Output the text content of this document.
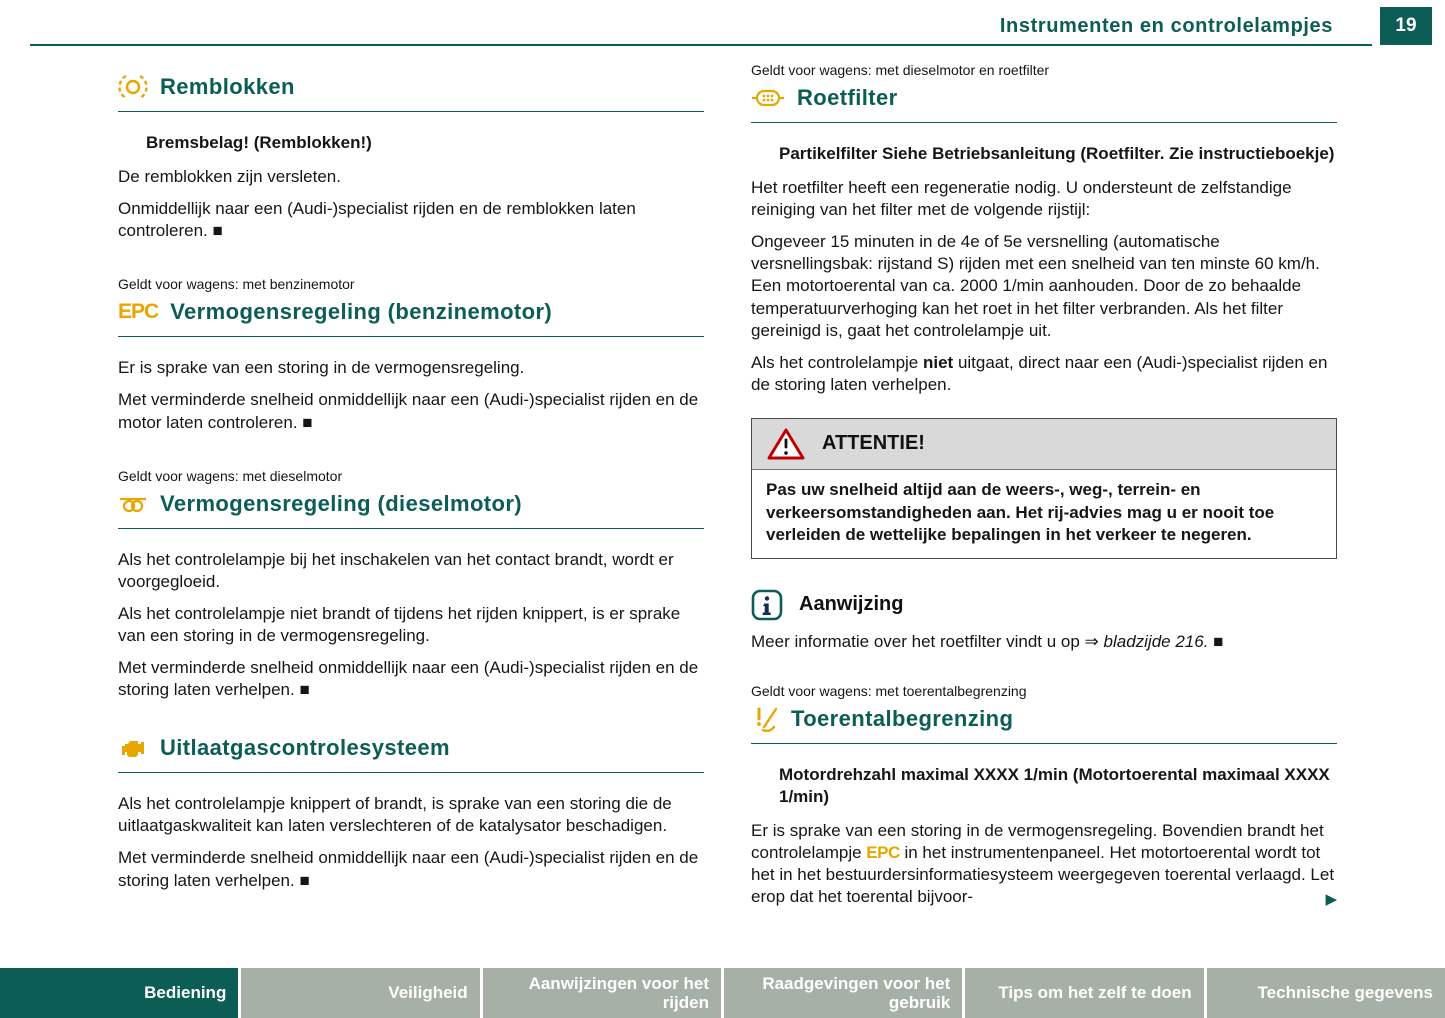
Instrumenten en controlelampjes	19
Remblokken

Bremsbelag! (Remblokken!)

De remblokken zijn versleten.

Onmiddellijk naar een (Audi-)specialist rijden en de remblokken laten controleren. ■

Geldt voor wagens: met benzinemotor

EPC Vermogensregeling (benzinemotor)

Er is sprake van een storing in de vermogensregeling.

Met verminderde snelheid onmiddellijk naar een (Audi-)specialist rijden en de motor laten controleren. ■

Geldt voor wagens: met dieselmotor

Vermogensregeling (dieselmotor)

Als het controlelampje bij het inschakelen van het contact brandt, wordt er voorgegloeid.

Als het controlelampje niet brandt of tijdens het rijden knippert, is er sprake van een storing in de vermogensregeling.

Met verminderde snelheid onmiddellijk naar een (Audi-)specialist rijden en de storing laten verhelpen. ■

Uitlaatgascontrolesysteem

Als het controlelampje knippert of brandt, is sprake van een storing die de uitlaatgaskwaliteit kan laten verslechteren of de katalysator beschadigen.

Met verminderde snelheid onmiddellijk naar een (Audi-)specialist rijden en de storing laten verhelpen. ■

Geldt voor wagens: met dieselmotor en roetfilter

Roetfilter

Partikelfilter Siehe Betriebsanleitung (Roetfilter. Zie instructieboekje)

Het roetfilter heeft een regeneratie nodig. U ondersteunt de zelfstandige reiniging van het filter met de volgende rijstijl:

Ongeveer 15 minuten in de 4e of 5e versnelling (automatische versnellingsbak: rijstand S) rijden met een snelheid van ten minste 60 km/h. Een motortoerental van ca. 2000 1/min aanhouden. Door de zo behaalde temperatuurverhoging kan het roet in het filter verbranden. Als het filter gereinigd is, gaat het controlelampje uit.

Als het controlelampje niet uitgaat, direct naar een (Audi-)specialist rijden en de storing laten verhelpen.

ATTENTIE!
Pas uw snelheid altijd aan de weers-, weg-, terrein- en verkeersomstandigheden aan. Het rij-advies mag u er nooit toe verleiden de wettelijke bepalingen in het verkeer te negeren.
Aanwijzing

Meer informatie over het roetfilter vindt u op ⇒ bladzijde 216. ■

Geldt voor wagens: met toerentalbegrenzing

Toerentalbegrenzing

Motordrehzahl maximal XXXX 1/min (Motortoerental maximaal XXXX 1/min)

Er is sprake van een storing in de vermogensregeling. Bovendien brandt het controlelampje EPC in het instrumentenpaneel. Het motortoerental wordt tot het in het bestuurdersinformatiesysteem weergegeven toerental verlaagd. Let erop dat het toerental bijvoor-	▶

Bediening	Veiligheid
Aanwijzingen voor het rijden
Raadgevingen voor het gebruik
Tips om het zelf te doen	Technische gegevens
